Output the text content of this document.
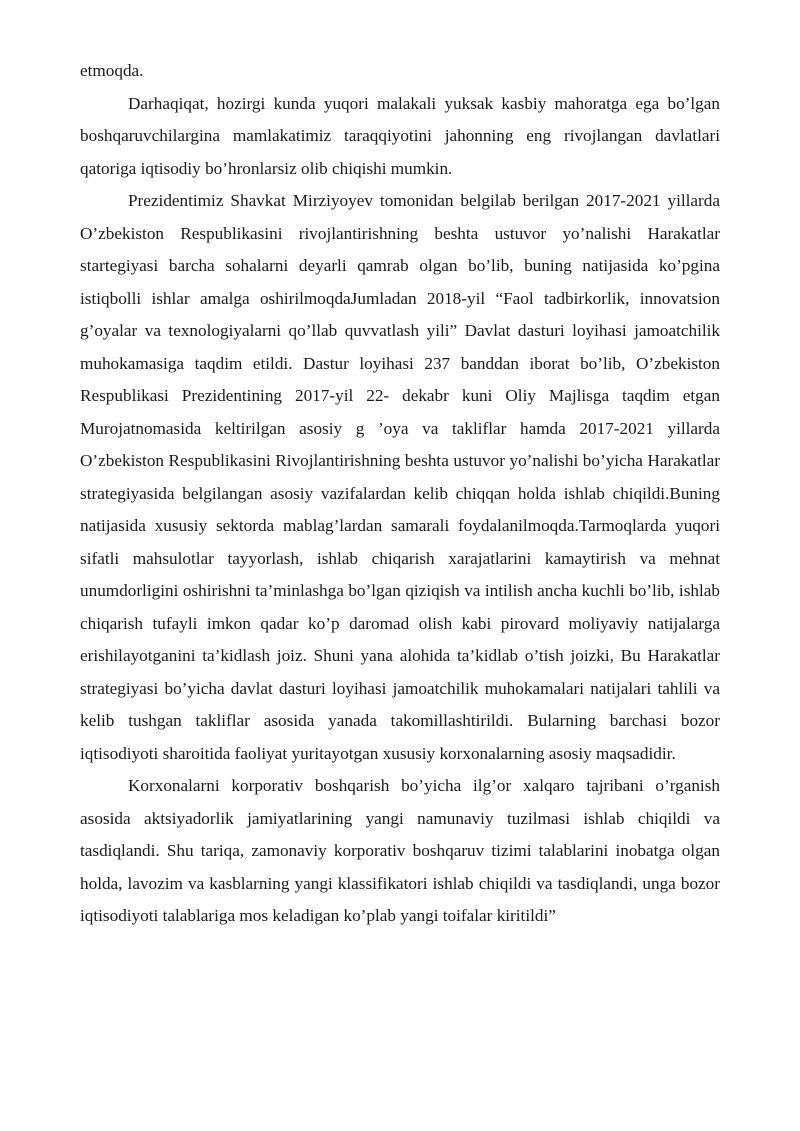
etmoqda.

Darhaqiqat, hozirgi kunda yuqori malakali yuksak kasbiy mahoratga ega bo’lgan boshqaruvchilargina mamlakatimiz taraqqiyotini jahonning eng rivojlangan davlatlari qatoriga iqtisodiy bo’hronlarsiz olib chiqishi mumkin.

Prezidentimiz Shavkat Mirziyoyev tomonidan belgilab berilgan 2017-2021 yillarda O’zbekiston Respublikasini rivojlantirishning beshta ustuvor yo’nalishi Harakatlar startegiyasi barcha sohalarni deyarli qamrab olgan bo’lib, buning natijasida ko’pgina istiqbolli ishlar amalga oshirilmoqdaJumladan 2018-yil “Faol tadbirkorlik, innovatsion g’oyalar va texnologiyalarni qo’llab quvvatlash yili” Davlat dasturi loyihasi jamoatchilik muhokamasiga taqdim etildi. Dastur loyihasi 237 banddan iborat bo’lib, O’zbekiston Respublikasi Prezidentining 2017-yil 22- dekabr kuni Oliy Majlisga taqdim etgan Murojatnomasida keltirilgan asosiy g ’oya va takliflar hamda 2017-2021 yillarda O’zbekiston Respublikasini Rivojlantirishning beshta ustuvor yo’nalishi bo’yicha Harakatlar strategiyasida belgilangan asosiy vazifalardan kelib chiqqan holda ishlab chiqildi.Buning natijasida xususiy sektorda mablag’lardan samarali foydalanilmoqda.Tarmoqlarda yuqori sifatli mahsulotlar tayyorlash, ishlab chiqarish xarajatlarini kamaytirish va mehnat unumdorligini oshirishni ta’minlashga bo’lgan qiziqish va intilish ancha kuchli bo’lib, ishlab chiqarish tufayli imkon qadar ko’p daromad olish kabi pirovard moliyaviy natijalarga erishilayotganini ta’kidlash joiz. Shuni yana alohida ta’kidlab o’tish joizki, Bu Harakatlar strategiyasi bo’yicha davlat dasturi loyihasi jamoatchilik muhokamalari natijalari tahlili va kelib tushgan takliflar asosida yanada takomillashtirildi. Bularning barchasi bozor iqtisodiyoti sharoitida faoliyat yuritayotgan xususiy korxonalarning asosiy maqsadidir.

Korxonalarni korporativ boshqarish bo’yicha ilg’or xalqaro tajribani o’rganish asosida aktsiyadorlik jamiyatlarining yangi namunaviy tuzilmasi ishlab chiqildi va tasdiqlandi. Shu tariqa, zamonaviy korporativ boshqaruv tizimi talablarini inobatga olgan holda, lavozim va kasblarning yangi klassifikatori ishlab chiqildi va tasdiqlandi, unga bozor iqtisodiyoti talablariga mos keladigan ko’plab yangi toifalar kiritildi”
